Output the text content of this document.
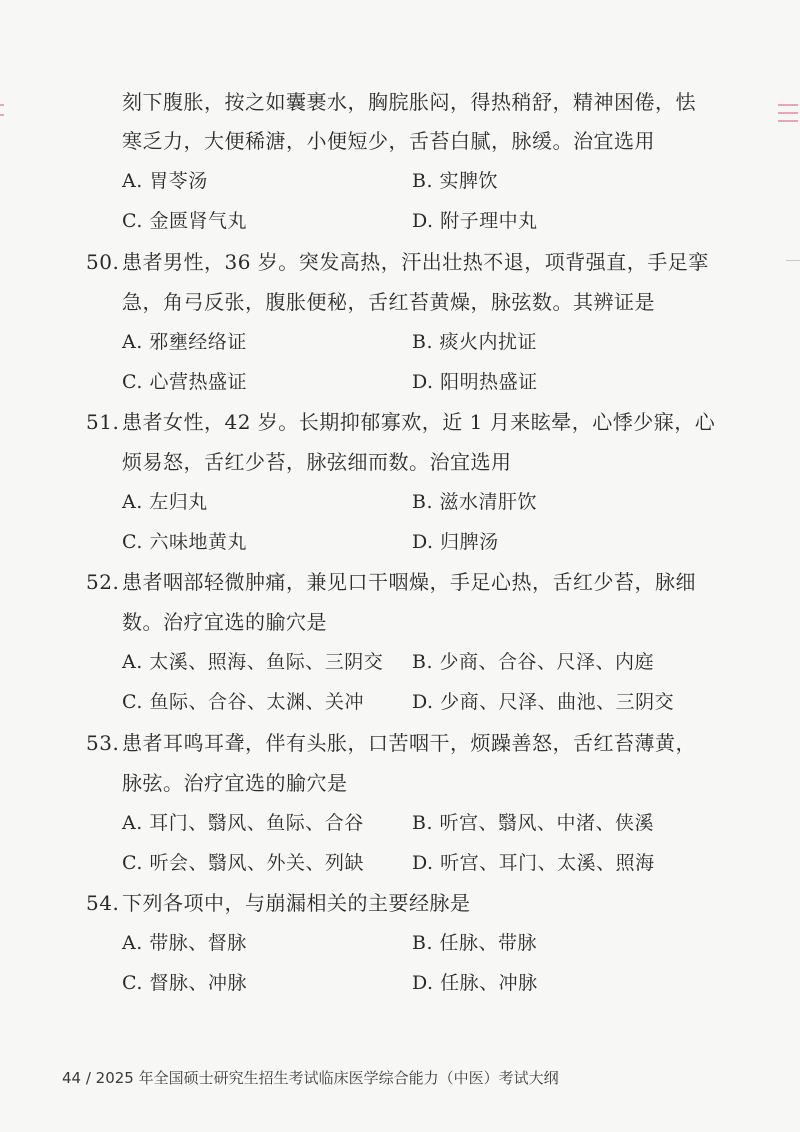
刻下腹胀，按之如囊裹水，胸脘胀闷，得热稍舒，精神困倦，怯
寒乏力，大便稀溏，小便短少，舌苔白腻，脉缓。治宜选用
A. 胃苓汤	B. 实脾饮
C. 金匮肾气丸	D. 附子理中丸
50. 患者男性，36 岁。突发高热，汗出壮热不退，项背强直，手足挛
急，角弓反张，腹胀便秘，舌红苔黄燥，脉弦数。其辨证是
A. 邪壅经络证	B. 痰火内扰证
C. 心营热盛证	D. 阳明热盛证
51. 患者女性，42 岁。长期抑郁寡欢，近 1 月来眩晕，心悸少寐，心
烦易怒，舌红少苔，脉弦细而数。治宜选用
A. 左归丸	B. 滋水清肝饮
C. 六味地黄丸	D. 归脾汤
52. 患者咽部轻微肿痛，兼见口干咽燥，手足心热，舌红少苔，脉细
数。治疗宜选的腧穴是
A. 太溪、照海、鱼际、三阴交 B. 少商、合谷、尺泽、内庭
C. 鱼际、合谷、太渊、关冲	D. 少商、尺泽、曲池、三阴交
53. 患者耳鸣耳聋，伴有头胀，口苦咽干，烦躁善怒，舌红苔薄黄，
脉弦。治疗宜选的腧穴是
A. 耳门、翳风、鱼际、合谷	B. 听宫、翳风、中渚、侠溪
C. 听会、翳风、外关、列缺	D. 听宫、耳门、太溪、照海
54. 下列各项中，与崩漏相关的主要经脉是
A. 带脉、督脉	B. 任脉、带脉
C. 督脉、冲脉	D. 任脉、冲脉
44 / 2025 年全国硕士研究生招生考试临床医学综合能力（中医）考试大纲
